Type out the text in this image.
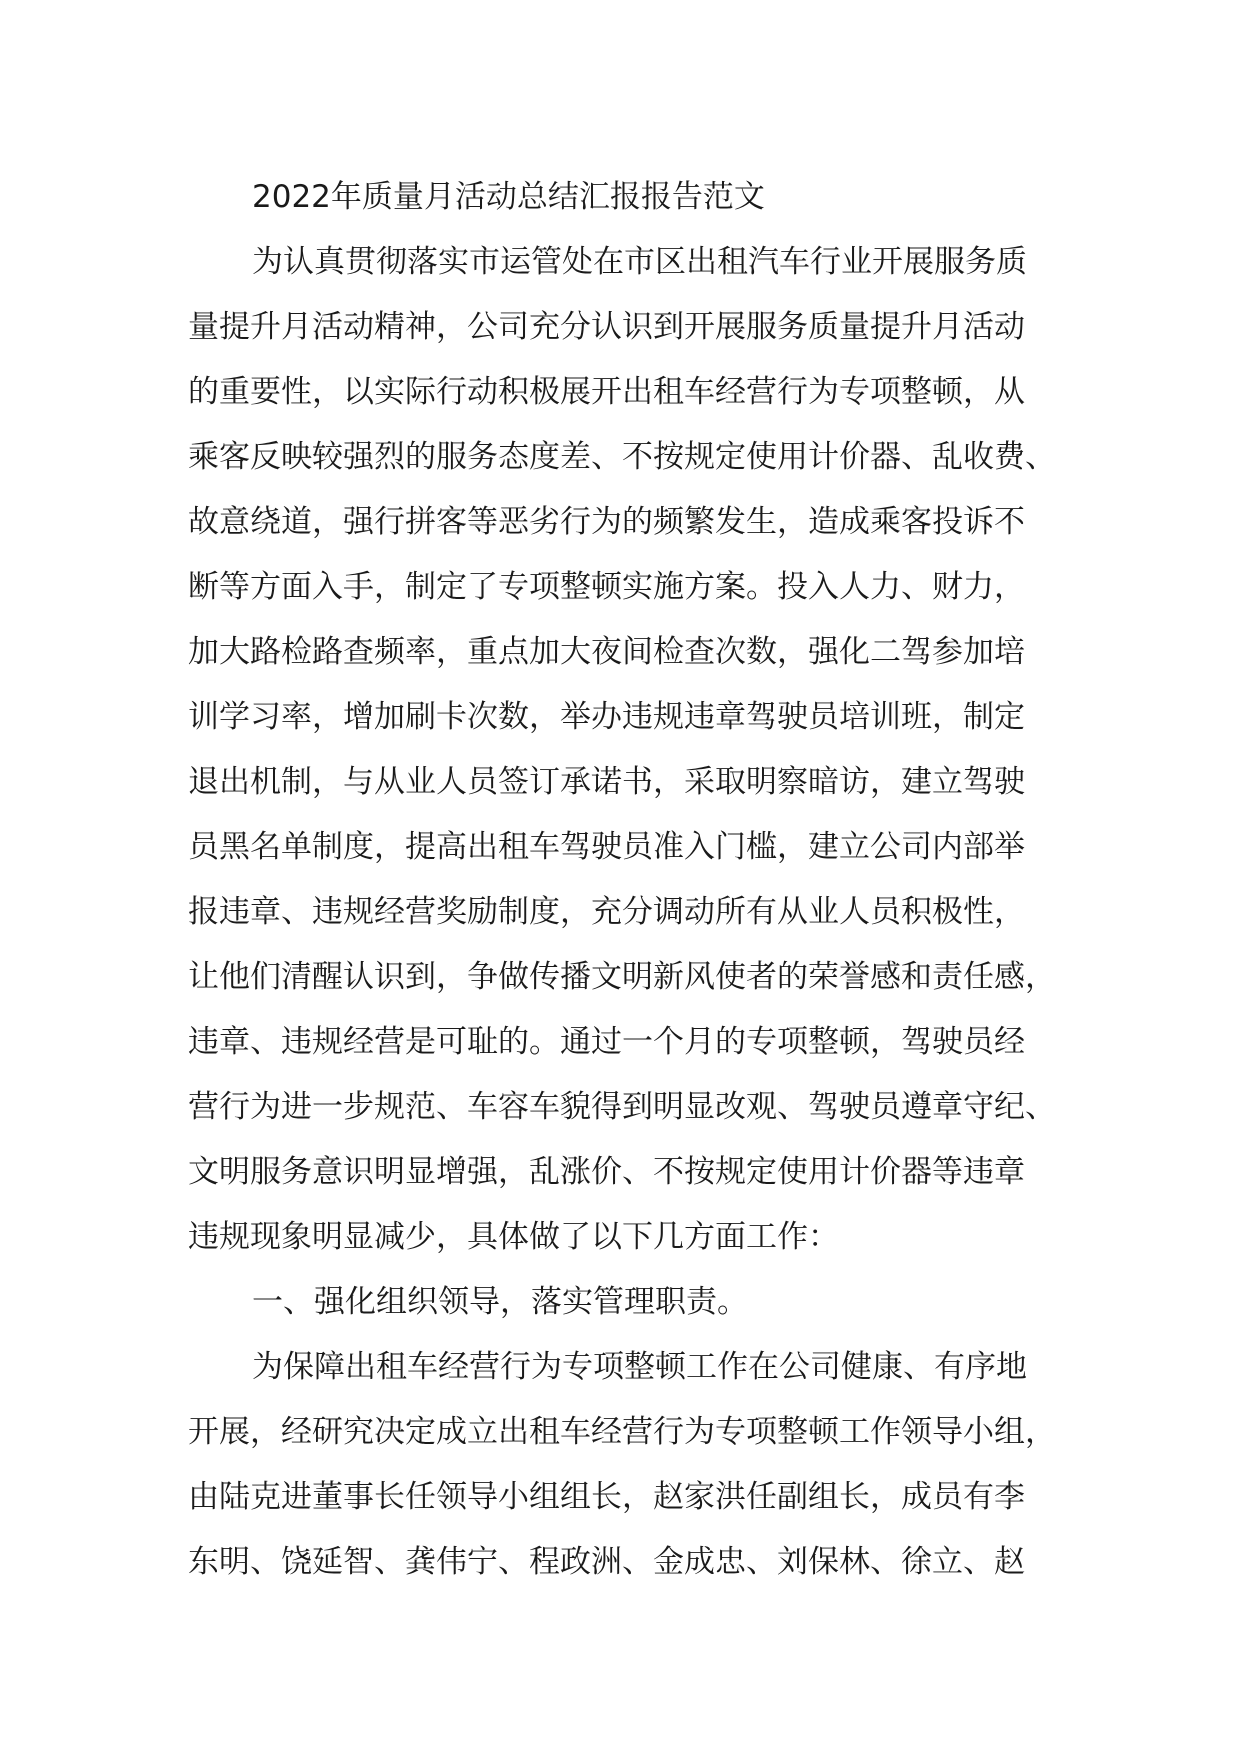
2022年质量月活动总结汇报报告范文
为认真贯彻落实市运管处在市区出租汽车行业开展服务质
量提升月活动精神，公司充分认识到开展服务质量提升月活动
的重要性，以实际行动积极展开出租车经营行为专项整顿，从
乘客反映较强烈的服务态度差、不按规定使用计价器、乱收费、
故意绕道，强行拼客等恶劣行为的频繁发生，造成乘客投诉不
断等方面入手，制定了专项整顿实施方案。投入人力、财力，
加大路检路查频率，重点加大夜间检查次数，强化二驾参加培
训学习率，增加刷卡次数，举办违规违章驾驶员培训班，制定
退出机制，与从业人员签订承诺书，采取明察暗访，建立驾驶
员黑名单制度，提高出租车驾驶员准入门槛，建立公司内部举
报违章、违规经营奖励制度，充分调动所有从业人员积极性，
让他们清醒认识到，争做传播文明新风使者的荣誉感和责任感，
违章、违规经营是可耻的。通过一个月的专项整顿，驾驶员经
营行为进一步规范、车容车貌得到明显改观、驾驶员遵章守纪、
文明服务意识明显增强，乱涨价、不按规定使用计价器等违章
违规现象明显减少，具体做了以下几方面工作：
一、强化组织领导，落实管理职责。
为保障出租车经营行为专项整顿工作在公司健康、有序地
开展，经研究决定成立出租车经营行为专项整顿工作领导小组，
由陆克进董事长任领导小组组长，赵家洪任副组长，成员有李
东明、饶延智、龚伟宁、程政洲、金成忠、刘保林、徐立、赵
